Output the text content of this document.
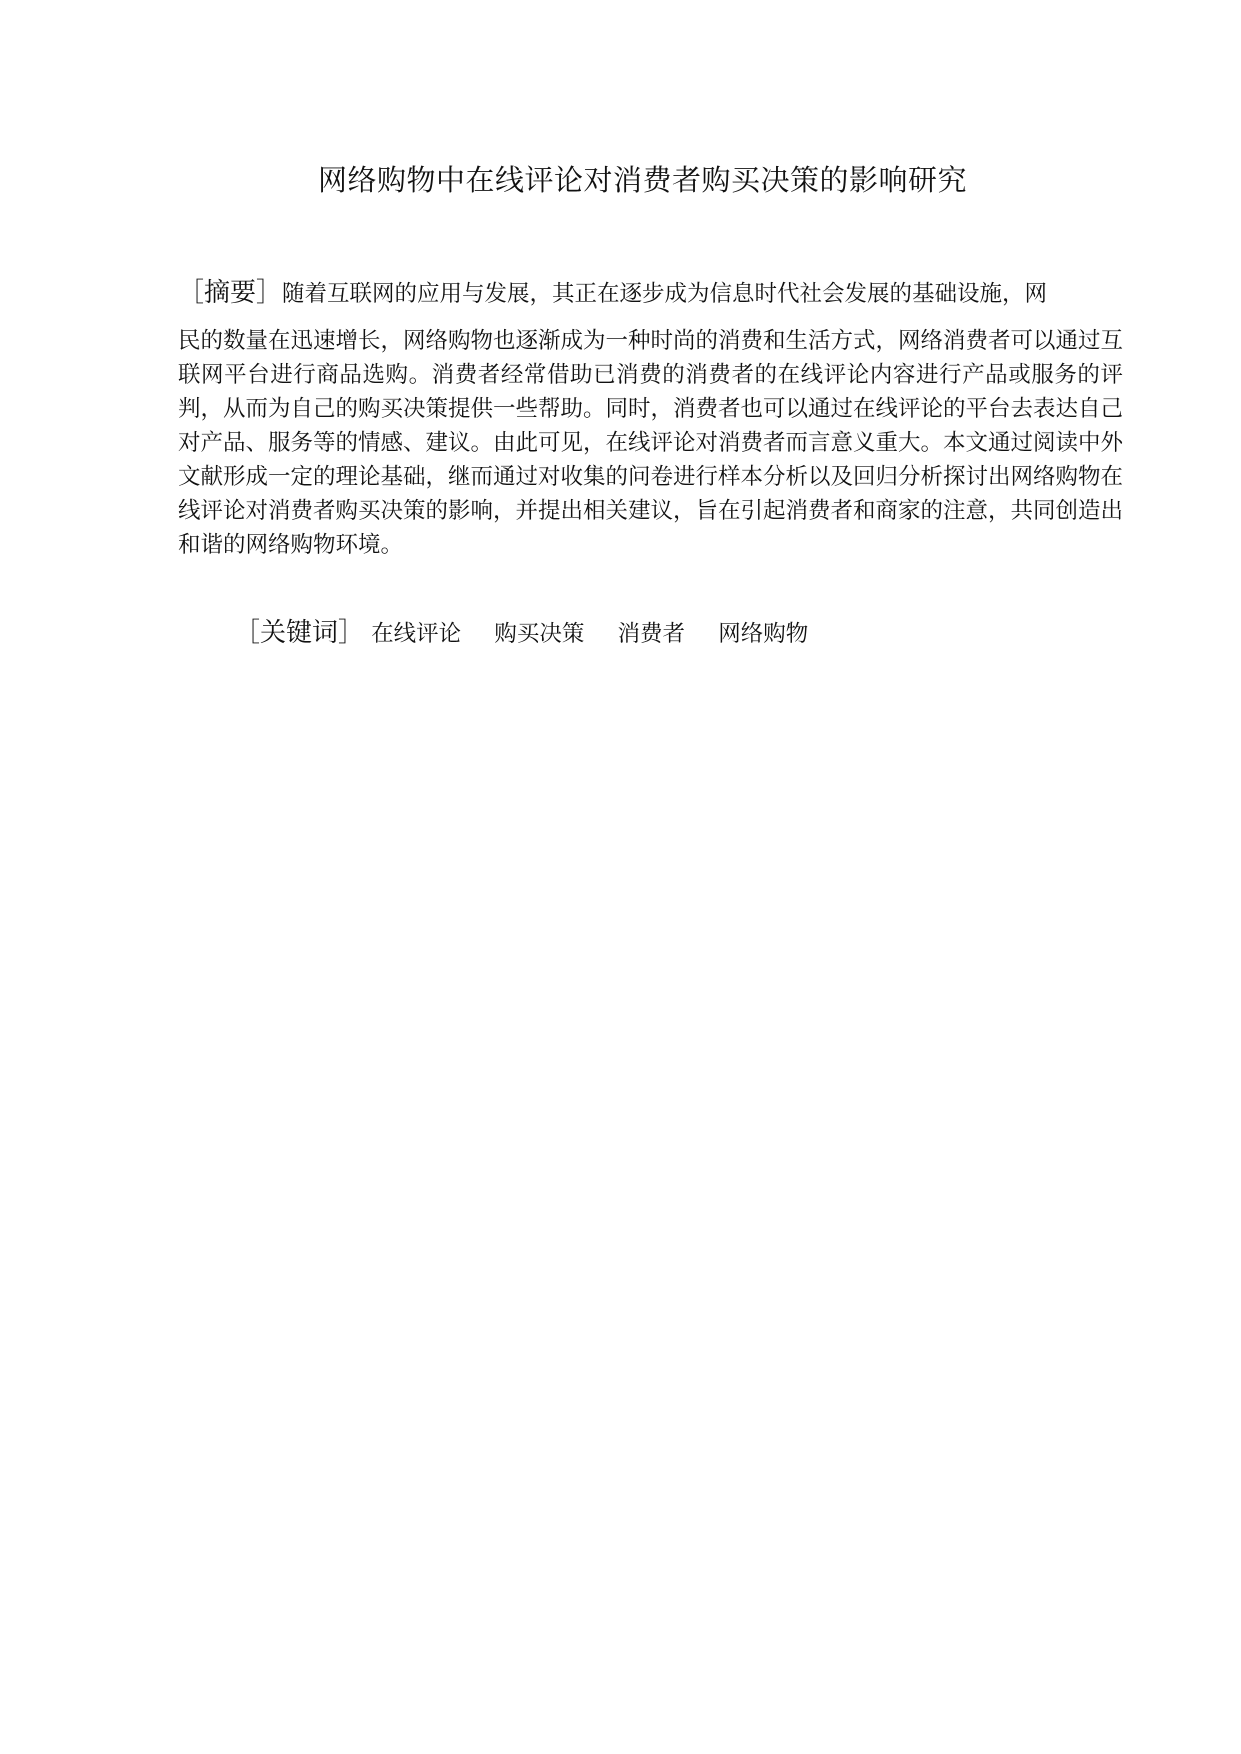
网络购物中在线评论对消费者购买决策的影响研究
［摘要］随着互联网的应用与发展，其正在逐步成为信息时代社会发展的基础设施，网
民的数量在迅速增长，网络购物也逐渐成为一种时尚的消费和生活方式，网络消费者可以通过互联网平台进行商品选购。消费者经常借助已消费的消费者的在线评论内容进行产品或服务的评判，从而为自己的购买决策提供一些帮助。同时，消费者也可以通过在线评论的平台去表达自己对产品、服务等的情感、建议。由此可见，在线评论对消费者而言意义重大。本文通过阅读中外文献形成一定的理论基础，继而通过对收集的问卷进行样本分析以及回归分析探讨出网络购物在线评论对消费者购买决策的影响，并提出相关建议，旨在引起消费者和商家的注意，共同创造出和谐的网络购物环境。
［关键词］ 在线评论 购买决策 消费者 网络购物
